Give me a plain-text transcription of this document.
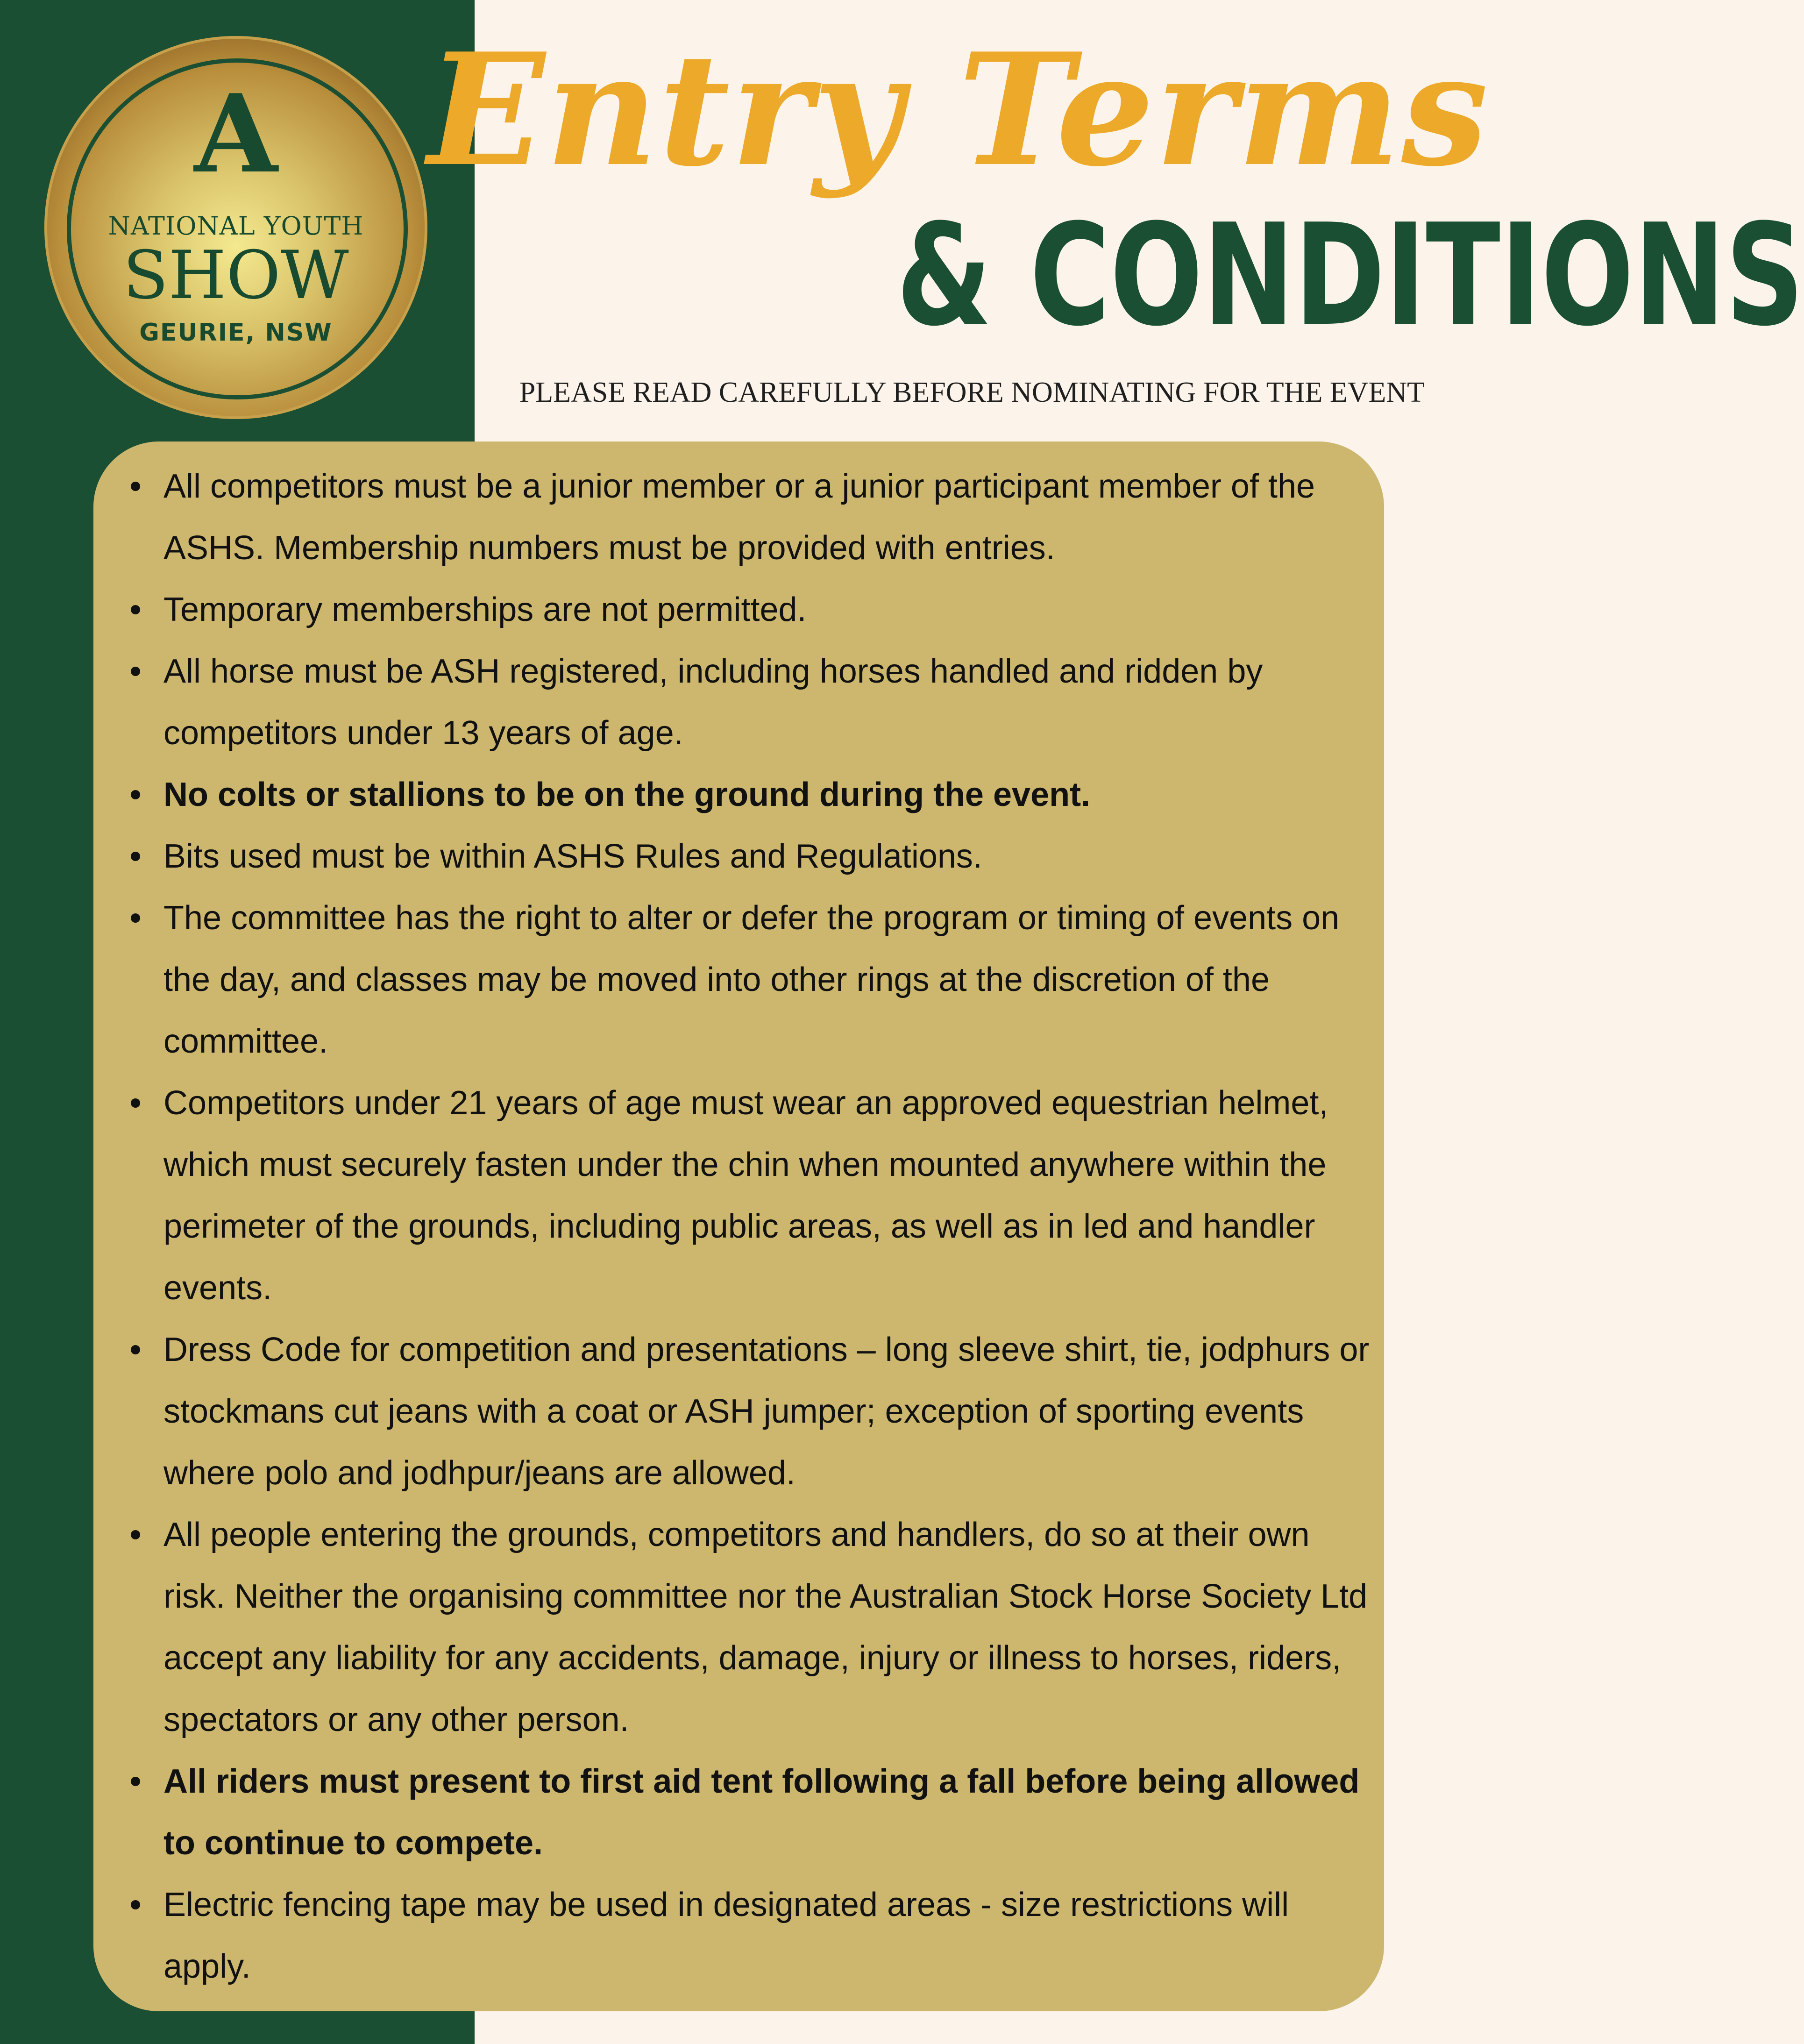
A
NATIONAL YOUTH
SHOW
GEURIE, NSW
Entry Terms
& CONDITIONS
PLEASE READ CAREFULLY BEFORE NOMINATING FOR THE EVENT
All competitors must be a junior member or a junior participant member of the ASHS. Membership numbers must be provided with entries.
Temporary memberships are not permitted.
All horse must be ASH registered, including horses handled and ridden by competitors under 13 years of age.
No colts or stallions to be on the ground during the event.
Bits used must be within ASHS Rules and Regulations.
The committee has the right to alter or defer the program or timing of events on the day, and classes may be moved into other rings at the discretion of the committee.
Competitors under 21 years of age must wear an approved equestrian helmet, which must securely fasten under the chin when mounted anywhere within the perimeter of the grounds, including public areas, as well as in led and handler events.
Dress Code for competition and presentations – long sleeve shirt, tie, jodphurs or stockmans cut jeans with a coat or ASH jumper; exception of sporting events where polo and jodhpur/jeans are allowed.
All people entering the grounds, competitors and handlers, do so at their own risk. Neither the organising committee nor the Australian Stock Horse Society Ltd accept any liability for any accidents, damage, injury or illness to horses, riders, spectators or any other person.
All riders must present to first aid tent following a fall before being allowed to continue to compete.
Electric fencing tape may be used in designated areas - size restrictions will apply.
